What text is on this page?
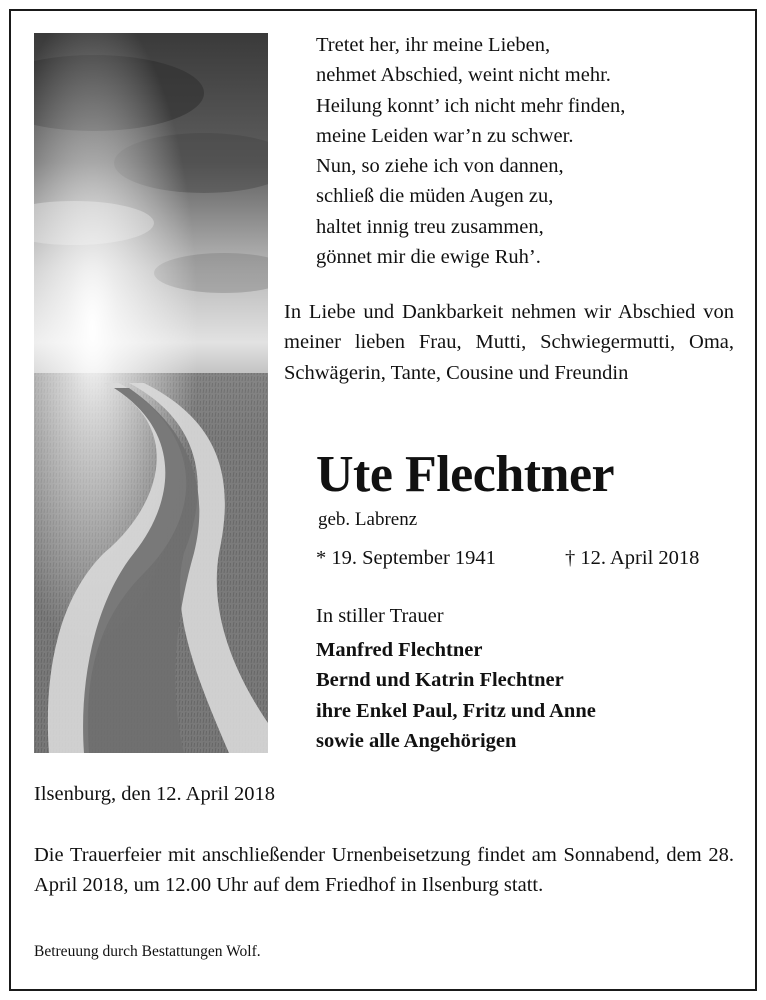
Tretet her, ihr meine Lieben,
nehmet Abschied, weint nicht mehr.
Heilung konnt’ ich nicht mehr finden,
meine Leiden war’n zu schwer.
Nun, so ziehe ich von dannen,
schließ die müden Augen zu,
haltet innig treu zusammen,
gönnet mir die ewige Ruh’.
In Liebe und Dankbarkeit nehmen wir Abschied von meiner lieben Frau, Mutti, Schwiegermutti, Oma, Schwägerin, Tante, Cousine und Freundin
Ute Flechtner
geb. Labrenz
* 19. September 1941	† 12. April 2018
In stiller Trauer
Manfred Flechtner
Bernd und Katrin Flechtner
ihre Enkel Paul, Fritz und Anne
sowie alle Angehörigen
Ilsenburg, den 12. April 2018
Die Trauerfeier mit anschließender Urnenbeisetzung findet am Sonnabend, dem 28. April 2018, um 12.00 Uhr auf dem Friedhof in Ilsenburg statt.
Betreuung durch Bestattungen Wolf.
